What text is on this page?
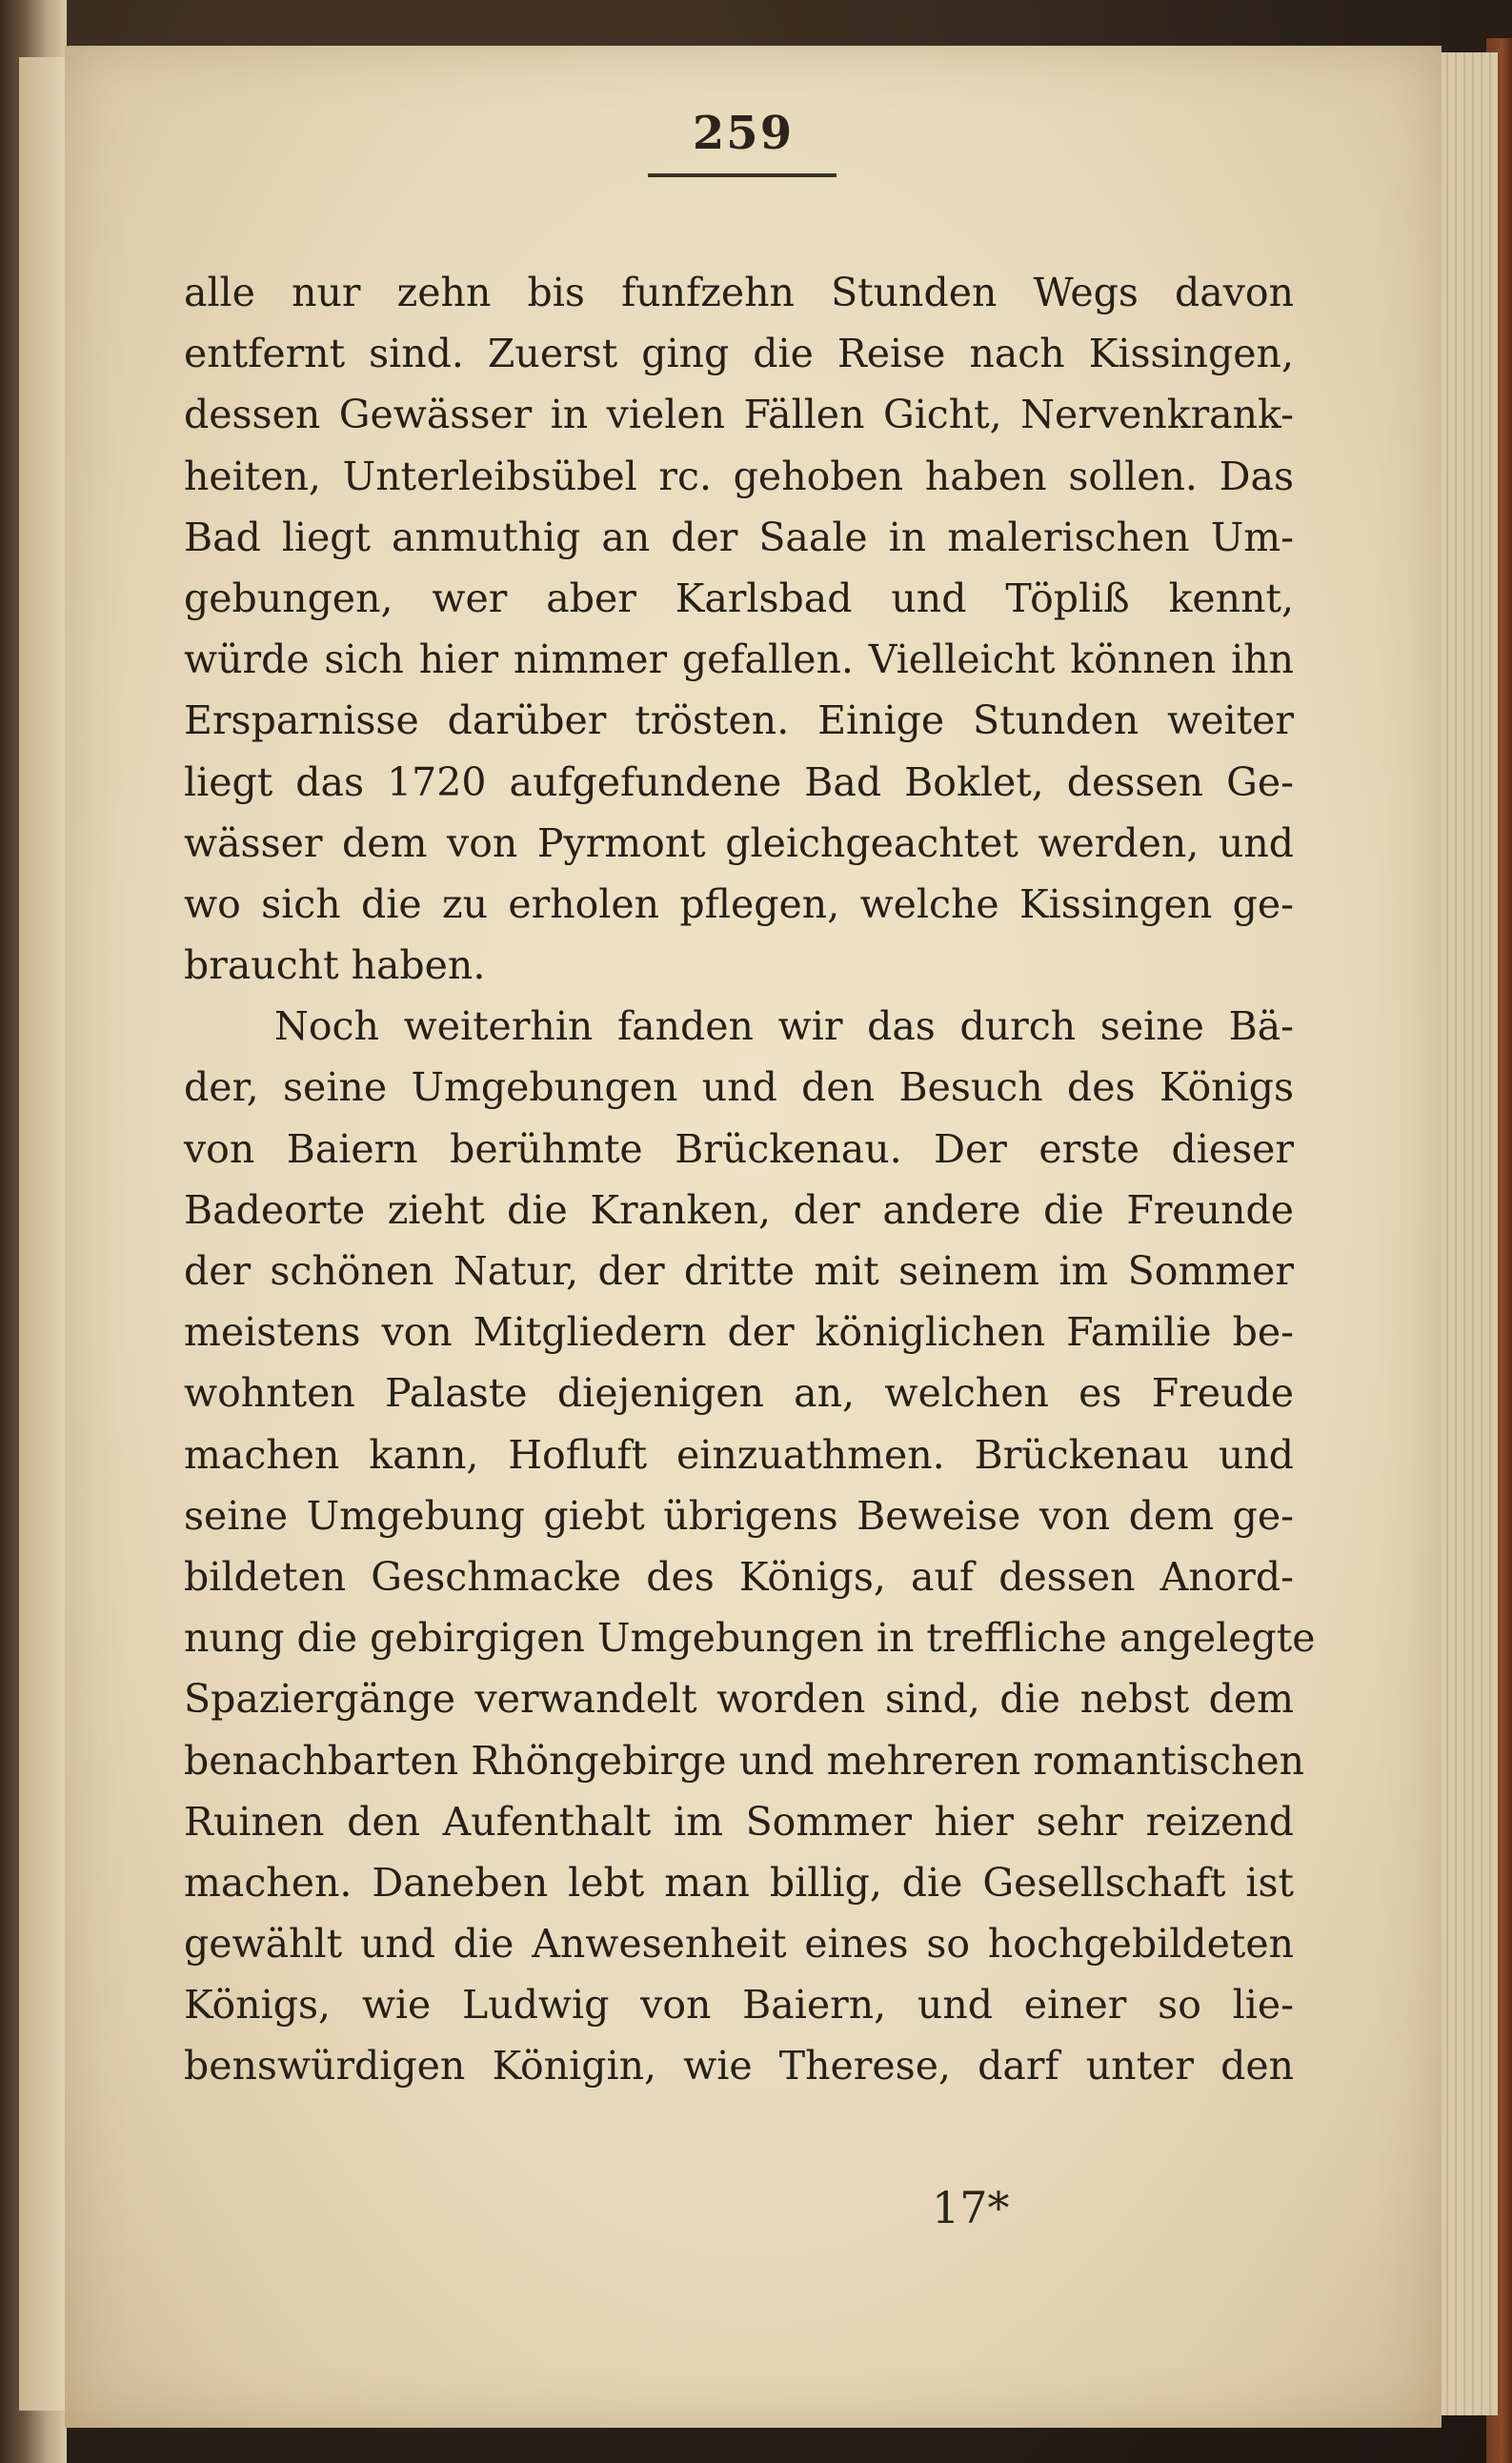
259
alle nur zehn bis funfzehn Stunden Wegs davon
entfernt sind. Zuerst ging die Reise nach Kissingen,
dessen Gewässer in vielen Fällen Gicht, Nervenkrank-
heiten, Unterleibsübel rc. gehoben haben sollen. Das
Bad liegt anmuthig an der Saale in malerischen Um-
gebungen, wer aber Karlsbad und Töpliß kennt,
würde sich hier nimmer gefallen. Vielleicht können ihn
Ersparnisse darüber trösten. Einige Stunden weiter
liegt das 1720 aufgefundene Bad Boklet, dessen Ge-
wässer dem von Pyrmont gleichgeachtet werden, und
wo sich die zu erholen pflegen, welche Kissingen ge-
braucht haben.
Noch weiterhin fanden wir das durch seine Bä-
der, seine Umgebungen und den Besuch des Königs
von Baiern berühmte Brückenau. Der erste dieser
Badeorte zieht die Kranken, der andere die Freunde
der schönen Natur, der dritte mit seinem im Sommer
meistens von Mitgliedern der königlichen Familie be-
wohnten Palaste diejenigen an, welchen es Freude
machen kann, Hofluft einzuathmen. Brückenau und
seine Umgebung giebt übrigens Beweise von dem ge-
bildeten Geschmacke des Königs, auf dessen Anord-
nung die gebirgigen Umgebungen in treffliche angelegte
Spaziergänge verwandelt worden sind, die nebst dem
benachbarten Rhöngebirge und mehreren romantischen
Ruinen den Aufenthalt im Sommer hier sehr reizend
machen. Daneben lebt man billig, die Gesellschaft ist
gewählt und die Anwesenheit eines so hochgebildeten
Königs, wie Ludwig von Baiern, und einer so lie-
benswürdigen Königin, wie Therese, darf unter den
17*
